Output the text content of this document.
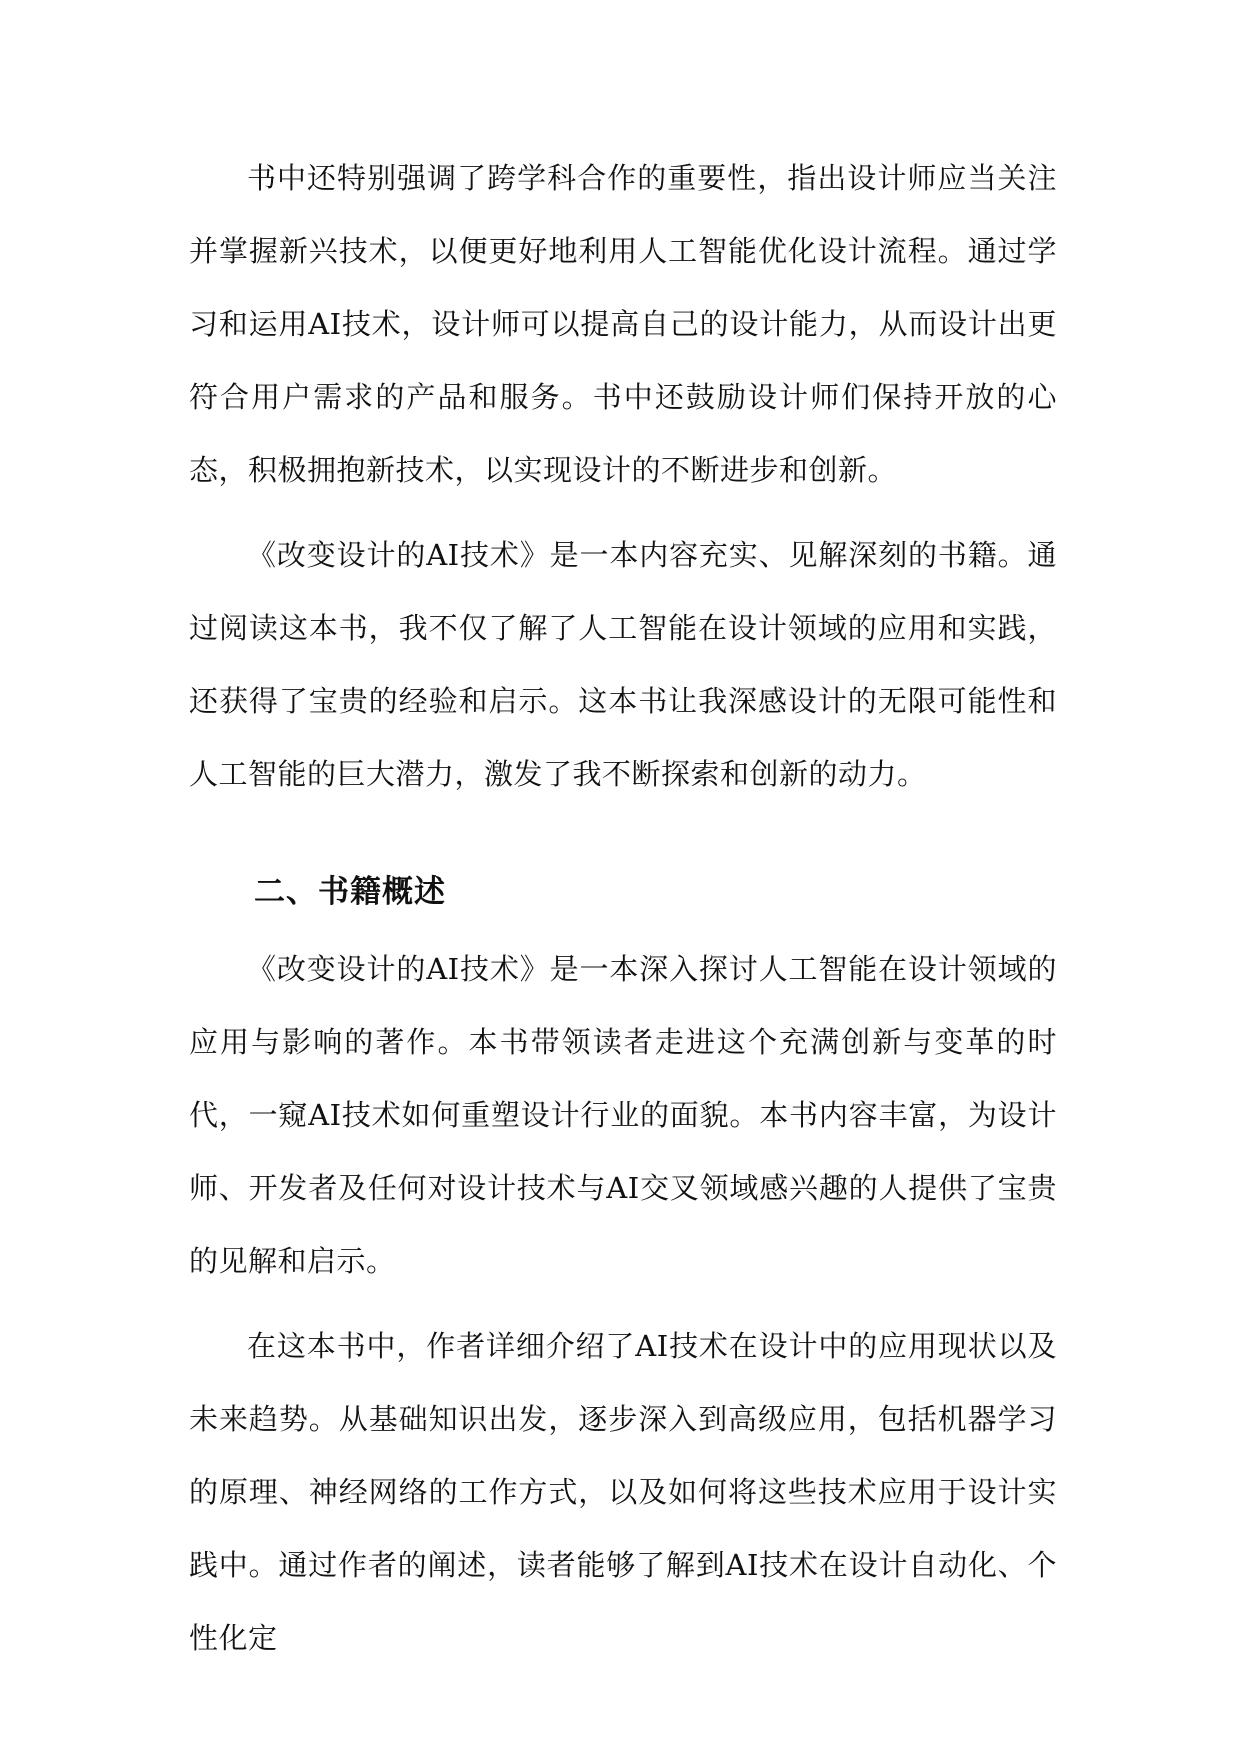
书中还特别强调了跨学科合作的重要性，指出设计师应当关注并掌握新兴技术，以便更好地利用人工智能优化设计流程。通过学习和运用AI技术，设计师可以提高自己的设计能力，从而设计出更符合用户需求的产品和服务。书中还鼓励设计师们保持开放的心态，积极拥抱新技术，以实现设计的不断进步和创新。

《改变设计的AI技术》是一本内容充实、见解深刻的书籍。通过阅读这本书，我不仅了解了人工智能在设计领域的应用和实践，还获得了宝贵的经验和启示。这本书让我深感设计的无限可能性和人工智能的巨大潜力，激发了我不断探索和创新的动力。

二、书籍概述

《改变设计的AI技术》是一本深入探讨人工智能在设计领域的应用与影响的著作。本书带领读者走进这个充满创新与变革的时代，一窥AI技术如何重塑设计行业的面貌。本书内容丰富，为设计师、开发者及任何对设计技术与AI交叉领域感兴趣的人提供了宝贵的见解和启示。

在这本书中，作者详细介绍了AI技术在设计中的应用现状以及未来趋势。从基础知识出发，逐步深入到高级应用，包括机器学习的原理、神经网络的工作方式，以及如何将这些技术应用于设计实践中。通过作者的阐述，读者能够了解到AI技术在设计自动化、个性化定
